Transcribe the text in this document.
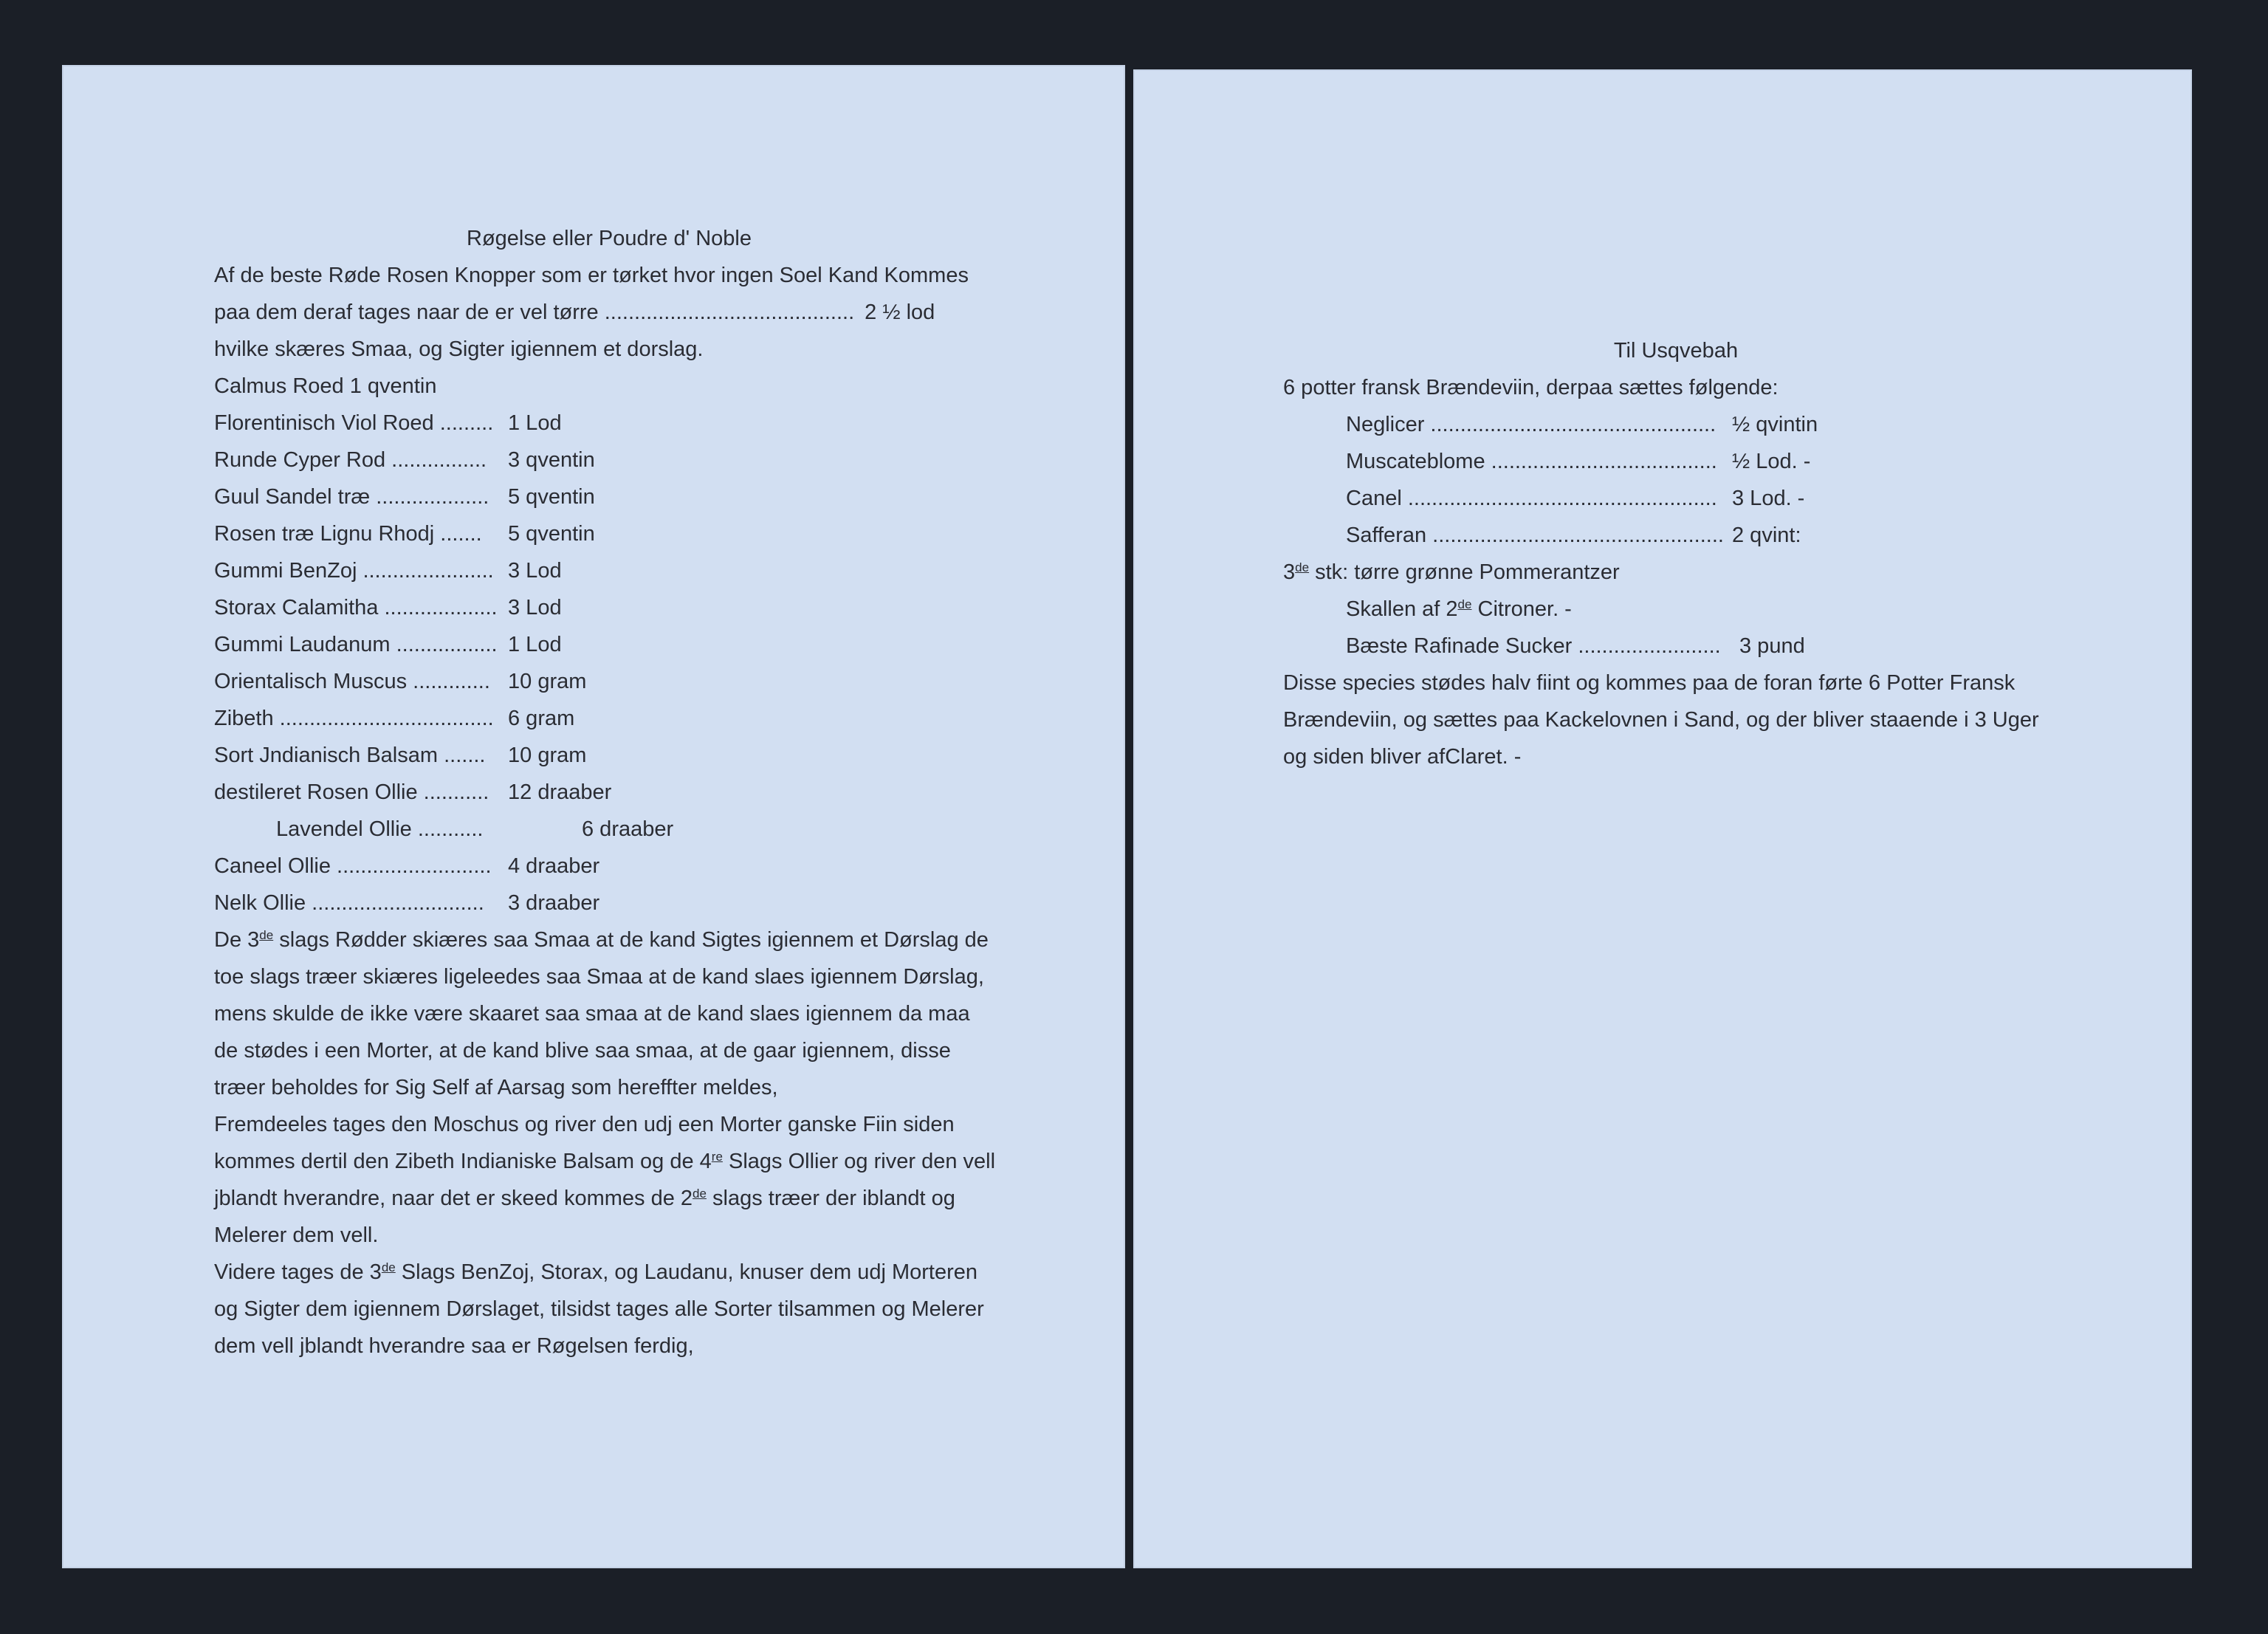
Røgelse eller Poudre d' Noble
Af de beste Røde Rosen Knopper som er tørket hvor ingen Soel Kand Kommes
paa dem deraf tages naar de er vel tørre .......................................... 2 ½ lod
hvilke skæres Smaa, og Sigter igiennem et dorslag.
Calmus Roed 1 qventin
Florentinisch Viol Roed ......... 1 Lod
Runde Cyper Rod ................ 3 qventin
Guul Sandel træ ................... 5 qventin
Rosen træ Lignu Rhodj .......	5 qventin
Gummi BenZoj ...................... 3 Lod
Storax Calamitha ................... 3 Lod
Gummi Laudanum ................. 1 Lod
Orientalisch Muscus ............. 10 gram
Zibeth .................................... 6 gram
Sort Jndianisch Balsam .......	10 gram
destileret Rosen Ollie ........... 12 draaber
Lavendel Ollie ...........	6 draaber
Caneel Ollie .......................... 4 draaber
Nelk Ollie .............................	3 draaber
De 3de slags Rødder skiæres saa Smaa at de kand Sigtes igiennem et Dørslag de
toe slags træer skiæres ligeleedes saa Smaa at de kand slaes igiennem Dørslag,
mens skulde de ikke være skaaret saa smaa at de kand slaes igiennem da maa
de stødes i een Morter, at de kand blive saa smaa, at de gaar igiennem, disse
træer beholdes for Sig Self af Aarsag som hereffter meldes,
Fremdeeles tages den Moschus og river den udj een Morter ganske Fiin siden
kommes dertil den Zibeth Indianiske Balsam og de 4re Slags Ollier og river den vell
jblandt hverandre, naar det er skeed kommes de 2de slags træer der iblandt og
Melerer dem vell.
Videre tages de 3de Slags BenZoj, Storax, og Laudanu, knuser dem udj Morteren
og Sigter dem igiennem Dørslaget, tilsidst tages alle Sorter tilsammen og Melerer
dem vell jblandt hverandre saa er Røgelsen ferdig,
Til Usqvebah
6 potter fransk Brændeviin, derpaa sættes følgende:
Neglicer ................................................ ½ qvintin
Muscateblome ...................................... ½ Lod. -
Canel .................................................... 3 Lod. -
Safferan ................................................. 2 qvint:
3de stk: tørre grønne Pommerantzer
Skallen af 2de Citroner. -
Bæste Rafinade Sucker ........................ 3 pund
Disse species stødes halv fiint og kommes paa de foran førte 6 Potter Fransk
Brændeviin, og sættes paa Kackelovnen i Sand, og der bliver staaende i 3 Uger
og siden bliver afClaret. -
